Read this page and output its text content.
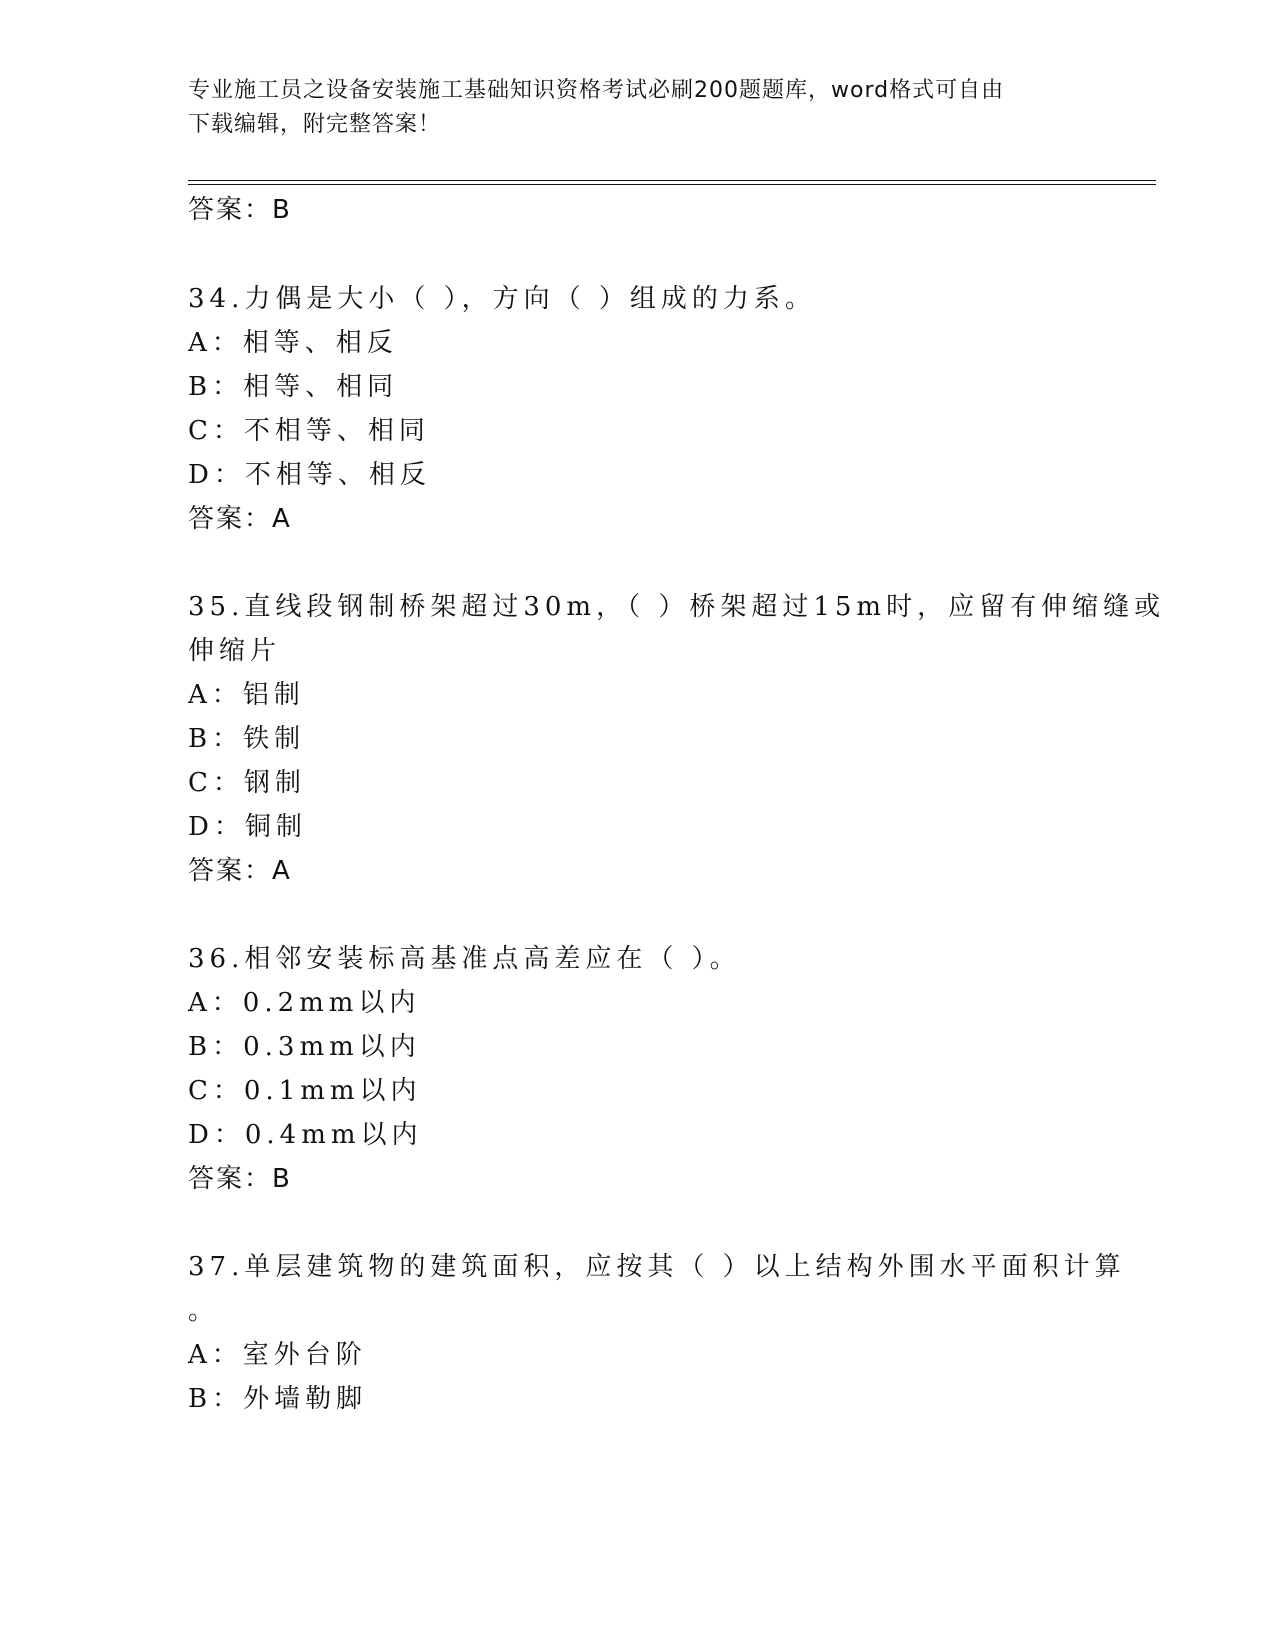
专业施工员之设备安装施工基础知识资格考试必刷200题题库，word格式可自由
下载编辑，附完整答案！
答案：B
34.力偶是大小（ ），方向（ ）组成的力系。
A：相等、相反
B：相等、相同
C：不相等、相同
D：不相等、相反
答案：A
35.直线段钢制桥架超过30m，（ ）桥架超过15m时，应留有伸缩缝或
伸缩片
A：铝制
B：铁制
C：钢制
D：铜制
答案：A
36.相邻安装标高基准点高差应在（ ）。
A：0.2mm以内
B：0.3mm以内
C：0.1mm以内
D：0.4mm以内
答案：B
37.单层建筑物的建筑面积，应按其（ ）以上结构外围水平面积计算
。
A：室外台阶
B：外墙勒脚
